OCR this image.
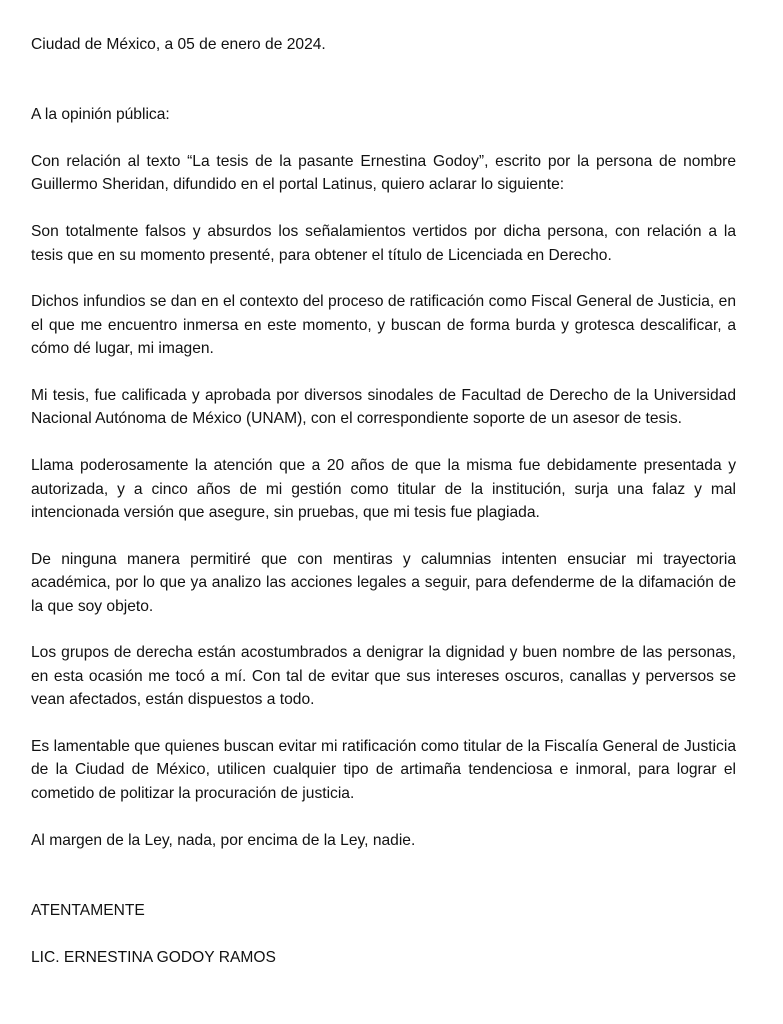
Ciudad de México, a 05 de enero de 2024.

A la opinión pública:

Con relación al texto “La tesis de la pasante Ernestina Godoy”, escrito por la persona de nombre Guillermo Sheridan, difundido en el portal Latinus, quiero aclarar lo siguiente:

Son totalmente falsos y absurdos los señalamientos vertidos por dicha persona, con relación a la tesis que en su momento presenté, para obtener el título de Licenciada en Derecho.

Dichos infundios se dan en el contexto del proceso de ratificación como Fiscal General de Justicia, en el que me encuentro inmersa en este momento, y buscan de forma burda y grotesca descalificar, a cómo dé lugar, mi imagen.

Mi tesis, fue calificada y aprobada por diversos sinodales de Facultad de Derecho de la Universidad Nacional Autónoma de México (UNAM), con el correspondiente soporte de un asesor de tesis.

Llama poderosamente la atención que a 20 años de que la misma fue debidamente presentada y autorizada, y a cinco años de mi gestión como titular de la institución, surja una falaz y mal intencionada versión que asegure, sin pruebas, que mi tesis fue plagiada.

De ninguna manera permitiré que con mentiras y calumnias intenten ensuciar mi trayectoria académica, por lo que ya analizo las acciones legales a seguir, para defenderme de la difamación de la que soy objeto.

Los grupos de derecha están acostumbrados a denigrar la dignidad y buen nombre de las personas, en esta ocasión me tocó a mí. Con tal de evitar que sus intereses oscuros, canallas y perversos se vean afectados, están dispuestos a todo.

Es lamentable que quienes buscan evitar mi ratificación como titular de la Fiscalía General de Justicia de la Ciudad de México, utilicen cualquier tipo de artimaña tendenciosa e inmoral, para lograr el cometido de politizar la procuración de justicia.

Al margen de la Ley, nada, por encima de la Ley, nadie.

ATENTAMENTE

LIC. ERNESTINA GODOY RAMOS
